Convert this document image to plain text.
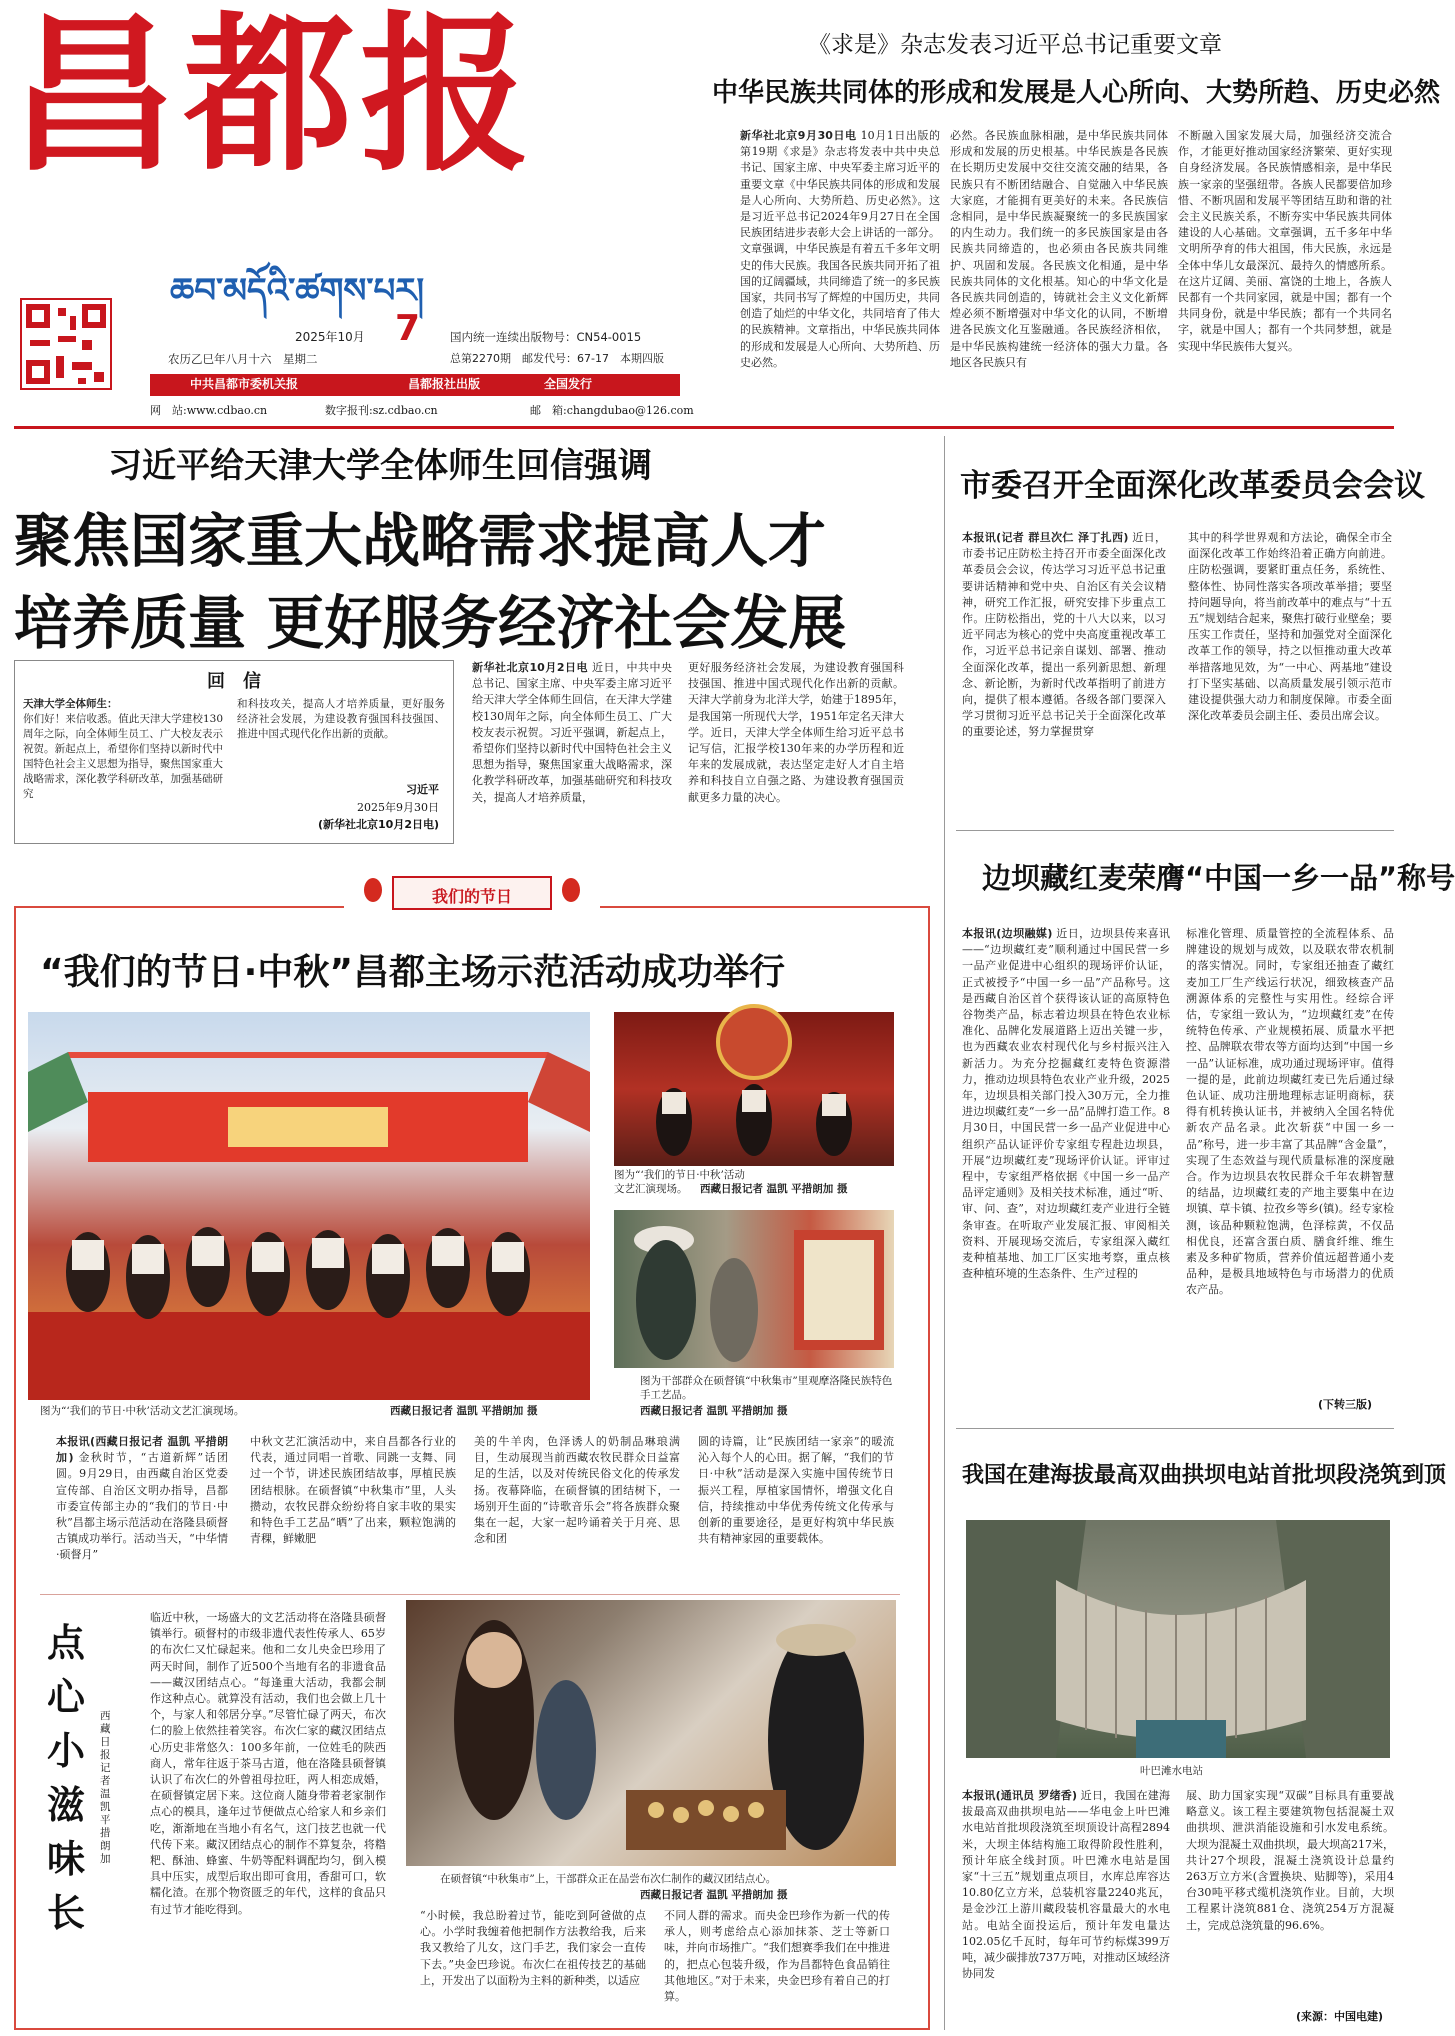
昌都报
ཆབ་མདོའི་ཚགས་པར།
2025年10月 7
农历乙巳年八月十六　星期二
国内统一连续出版物号：CN54-0015
总第2270期　邮发代号：67-17　本期四版
中共昌都市委机关报	昌都报社出版	全国发行
网　站:www.cdbao.cn	数字报刊:sz.cdbao.cn	邮　箱:changdubao@126.com
《求是》杂志发表习近平总书记重要文章
中华民族共同体的形成和发展是人心所向、大势所趋、历史必然
新华社北京9月30日电 10月1日出版的第19期《求是》杂志将发表中共中央总书记、国家主席、中央军委主席习近平的重要文章《中华民族共同体的形成和发展是人心所向、大势所趋、历史必然》。这是习近平总书记2024年9月27日在全国民族团结进步表彰大会上讲话的一部分。文章强调，中华民族是有着五千多年文明史的伟大民族。我国各民族共同开拓了祖国的辽阔疆域，共同缔造了统一的多民族国家，共同书写了辉煌的中国历史，共同创造了灿烂的中华文化，共同培育了伟大的民族精神。文章指出，中华民族共同体的形成和发展是人心所向、大势所趋、历史必然。
必然。各民族血脉相融，是中华民族共同体形成和发展的历史根基。中华民族是各民族在长期历史发展中交往交流交融的结果，各民族只有不断团结融合、自觉融入中华民族大家庭，才能拥有更美好的未来。各民族信念相同，是中华民族凝聚统一的多民族国家的内生动力。我们统一的多民族国家是由各民族共同缔造的，也必须由各民族共同维护、巩固和发展。各民族文化相通，是中华民族共同体的文化根基。知心的中华文化是各民族共同创造的，铸就社会主义文化新辉煌必须不断增强对中华文化的认同，不断增进各民族文化互鉴融通。各民族经济相依，是中华民族构建统一经济体的强大力量。各地区各民族只有
不断融入国家发展大局，加强经济交流合作，才能更好推动国家经济繁荣、更好实现自身经济发展。各民族情感相亲，是中华民族一家亲的坚强纽带。各族人民都要倍加珍惜、不断巩固和发展平等团结互助和谐的社会主义民族关系，不断夯实中华民族共同体建设的人心基础。文章强调，五千多年中华文明所孕育的伟大祖国，伟大民族，永远是全体中华儿女最深沉、最持久的情感所系。在这片辽阔、美丽、富饶的土地上，各族人民都有一个共同家园，就是中国；都有一个共同身份，就是中华民族；都有一个共同名字，就是中国人；都有一个共同梦想，就是实现中华民族伟大复兴。
习近平给天津大学全体师生回信强调
聚焦国家重大战略需求提高人才
培养质量 更好服务经济社会发展
回　信
天津大学全体师生：
你们好！来信收悉。值此天津大学建校130周年之际，向全体师生员工、广大校友表示祝贺。新起点上，希望你们坚持以新时代中国特色社会主义思想为指导，聚焦国家重大战略需求，深化教学科研改革，加强基础研究
和科技攻关，提高人才培养质量，更好服务经济社会发展，为建设教育强国科技强国、推进中国式现代化作出新的贡献。
习近平
2025年9月30日
(新华社北京10月2日电)
新华社北京10月2日电 近日，中共中央总书记、国家主席、中央军委主席习近平给天津大学全体师生回信，在天津大学建校130周年之际，向全体师生员工、广大校友表示祝贺。习近平强调，新起点上，希望你们坚持以新时代中国特色社会主义思想为指导，聚焦国家重大战略需求，深化教学科研改革，加强基础研究和科技攻关，提高人才培养质量，
更好服务经济社会发展，为建设教育强国科技强国、推进中国式现代化作出新的贡献。天津大学前身为北洋大学，始建于1895年，是我国第一所现代大学，1951年定名天津大学。近日，天津大学全体师生给习近平总书记写信，汇报学校130年来的办学历程和近年来的发展成就，表达坚定走好人才自主培养和科技自立自强之路、为建设教育强国贡献更多力量的决心。
市委召开全面深化改革委员会会议
本报讯(记者 群旦次仁 泽丁扎西) 近日，市委书记庄防松主持召开市委全面深化改革委员会会议，传达学习习近平总书记重要讲话精神和党中央、自治区有关会议精神，研究工作汇报，研究安排下步重点工作。庄防松指出，党的十八大以来，以习近平同志为核心的党中央高度重视改革工作，习近平总书记亲自谋划、部署、推动全面深化改革，提出一系列新思想、新理念、新论断，为新时代改革指明了前进方向，提供了根本遵循。各级各部门要深入学习贯彻习近平总书记关于全面深化改革的重要论述，努力掌握贯穿
其中的科学世界观和方法论，确保全市全面深化改革工作始终沿着正确方向前进。庄防松强调，要紧盯重点任务，系统性、整体性、协同性落实各项改革举措；要坚持问题导向，将当前改革中的难点与“十五五”规划结合起来，聚焦打破行业壁垒；要压实工作责任，坚持和加强党对全面深化改革工作的领导，持之以恒推动重大改革举措落地见效，为“一中心、两基地”建设打下坚实基础、以高质量发展引领示范市建设提供强大动力和制度保障。市委全面深化改革委员会副主任、委员出席会议。
我们的节日
“我们的节日·中秋”昌都主场示范活动成功举行
图为“‘我们的节日·中秋’活动文艺汇演现场。	西藏日报记者 温凯 平措朗加 摄
图为“‘我们的节日·中秋’活动文艺汇演现场。	西藏日报记者 温凯 平措朗加 摄
图为干部群众在硕督镇“中秋集市”里观摩洛隆民族特色手工艺品。
西藏日报记者 温凯 平措朗加 摄
本报讯(西藏日报记者 温凯 平措朗加) 金秋时节，“古道新辉”话团圆。9月29日，由西藏自治区党委宣传部、自治区文明办指导，昌都市委宣传部主办的“我们的节日·中秋”昌都主场示范活动在洛隆县硕督古镇成功举行。活动当天，“中华情·硕督月”
中秋文艺汇演活动中，来自昌都各行业的代表，通过同唱一首歌、同跳一支舞、同过一个节，讲述民族团结故事，厚植民族团结根脉。在硕督镇“中秋集市”里，人头攒动，农牧民群众纷纷将自家丰收的果实和特色手工艺品“晒”了出来，颗粒饱满的青稞，鲜嫩肥
美的牛羊肉，色泽诱人的奶制品琳琅满目，生动展现当前西藏农牧民群众日益富足的生活，以及对传统民俗文化的传承发扬。夜幕降临，在硕督镇的团结树下，一场别开生面的“诗歌音乐会”将各族群众聚集在一起，大家一起吟诵着关于月亮、思念和团
圆的诗篇，让“民族团结一家亲”的暖流沁入每个人的心田。据了解，“我们的节日·中秋”活动是深入实施中国传统节日振兴工程，厚植家国情怀，增强文化自信，持续推动中华优秀传统文化传承与创新的重要途径，是更好构筑中华民族共有精神家园的重要载体。
点心小滋味长
西藏日报记者 温凯 平措朗加
临近中秋，一场盛大的文艺活动将在洛隆县硕督镇举行。硕督村的市级非遗代表性传承人、65岁的布次仁又忙碌起来。他和二女儿央金巴珍用了两天时间，制作了近500个当地有名的非遗食品——藏汉团结点心。“每逢重大活动，我都会制作这种点心。就算没有活动，我们也会做上几十个，与家人和邻居分享。”尽管忙碌了两天，布次仁的脸上依然挂着笑容。布次仁家的藏汉团结点心历史非常悠久：100多年前，一位姓毛的陕西商人，常年往返于茶马古道，他在洛隆县硕督镇认识了布次仁的外曾祖母拉旺，两人相恋成婚，在硕督镇定居下来。这位商人随身带着老家制作点心的模具，逢年过节便做点心给家人和乡亲们吃，渐渐地在当地小有名气，这门技艺也就一代代传下来。藏汉团结点心的制作不算复杂，将糌粑、酥油、蜂蜜、牛奶等配料调配均匀，倒入模具中压实，成型后取出即可食用，香甜可口，软糯化渣。在那个物资匮乏的年代，这样的食品只有过节才能吃得到。
在硕督镇“中秋集市”上，干部群众正在品尝布次仁制作的藏汉团结点心。
西藏日报记者 温凯 平措朗加 摄
“小时候，我总盼着过节，能吃到阿爸做的点心。小学时我缠着他把制作方法教给我，后来我又教给了儿女，这门手艺，我们家会一直传下去。”央金巴珍说。布次仁在祖传技艺的基础上，开发出了以面粉为主料的新种类，以适应
不同人群的需求。而央金巴珍作为新一代的传承人，则考虑给点心添加抹茶、芝士等新口味，并向市场推广。“我们想赛季我们在中推进的，把点心包装升级，作为昌都特色食品销往其他地区。”对于未来，央金巴珍有着自己的打算。
边坝藏红麦荣膺“中国一乡一品”称号
本报讯(边坝融媒) 近日，边坝县传来喜讯——“边坝藏红麦”顺利通过中国民营一乡一品产业促进中心组织的现场评价认证，正式被授予“中国一乡一品”产品称号。这是西藏自治区首个获得该认证的高原特色谷物类产品，标志着边坝县在特色农业标准化、品牌化发展道路上迈出关键一步，也为西藏农业农村现代化与乡村振兴注入新活力。为充分挖掘藏红麦特色资源潜力，推动边坝县特色农业产业升级，2025年，边坝县相关部门投入30万元，全力推进边坝藏红麦“一乡一品”品牌打造工作。8月30日，中国民营一乡一品产业促进中心组织产品认证评价专家组专程赴边坝县，开展“边坝藏红麦”现场评价认证。评审过程中，专家组严格依据《中国一乡一品产品评定通则》及相关技术标准，通过“听、审、问、查”，对边坝藏红麦产业进行全链条审查。在听取产业发展汇报、审阅相关资料、开展现场交流后，专家组深入藏红麦种植基地、加工厂区实地考察，重点核查种植环境的生态条件、生产过程的
标准化管理、质量管控的全流程体系、品牌建设的规划与成效，以及联农带农机制的落实情况。同时，专家组还抽查了藏红麦加工厂生产线运行状况，细致核查产品溯源体系的完整性与实用性。经综合评估，专家组一致认为，“边坝藏红麦”在传统特色传承、产业规模拓展、质量水平把控、品牌联农带农等方面均达到“中国一乡一品”认证标准，成功通过现场评审。值得一提的是，此前边坝藏红麦已先后通过绿色认证、成功注册地理标志证明商标，获得有机转换认证书，并被纳入全国名特优新农产品名录。此次斩获“中国一乡一品”称号，进一步丰富了其品牌“含金量”，实现了生态效益与现代质量标准的深度融合。作为边坝县农牧民群众千年农耕智慧的结晶，边坝藏红麦的产地主要集中在边坝镇、草卡镇、拉孜乡等乡(镇)。经专家检测，该品种颗粒饱满，色泽棕黄，不仅品相优良，还富含蛋白质、膳食纤维、维生素及多种矿物质，营养价值远超普通小麦品种，是极具地域特色与市场潜力的优质农产品。
(下转三版)
我国在建海拔最高双曲拱坝电站首批坝段浇筑到顶
叶巴滩水电站
本报讯(通讯员 罗绪香) 近日，我国在建海拔最高双曲拱坝电站——华电金上叶巴滩水电站首批坝段浇筑至坝顶设计高程2894米，大坝主体结构施工取得阶段性胜利，预计年底全线封顶。叶巴滩水电站是国家“十三五”规划重点项目，水库总库容达10.80亿立方米，总装机容量2240兆瓦，是金沙江上游川藏段装机容量最大的水电站。电站全面投运后，预计年发电量达102.05亿千瓦时，每年可节约标煤399万吨，减少碳排放737万吨，对推动区域经济协同发
展、助力国家实现“双碳”目标具有重要战略意义。该工程主要建筑物包括混凝土双曲拱坝、泄洪消能设施和引水发电系统。大坝为混凝土双曲拱坝，最大坝高217米，共计27个坝段，混凝土浇筑设计总量约263万立方米(含置换块、贴脚等)，采用4台30吨平移式缆机浇筑作业。目前，大坝工程累计浇筑881仓、浇筑254万方混凝土，完成总浇筑量的96.6%。
(来源：中国电建)
